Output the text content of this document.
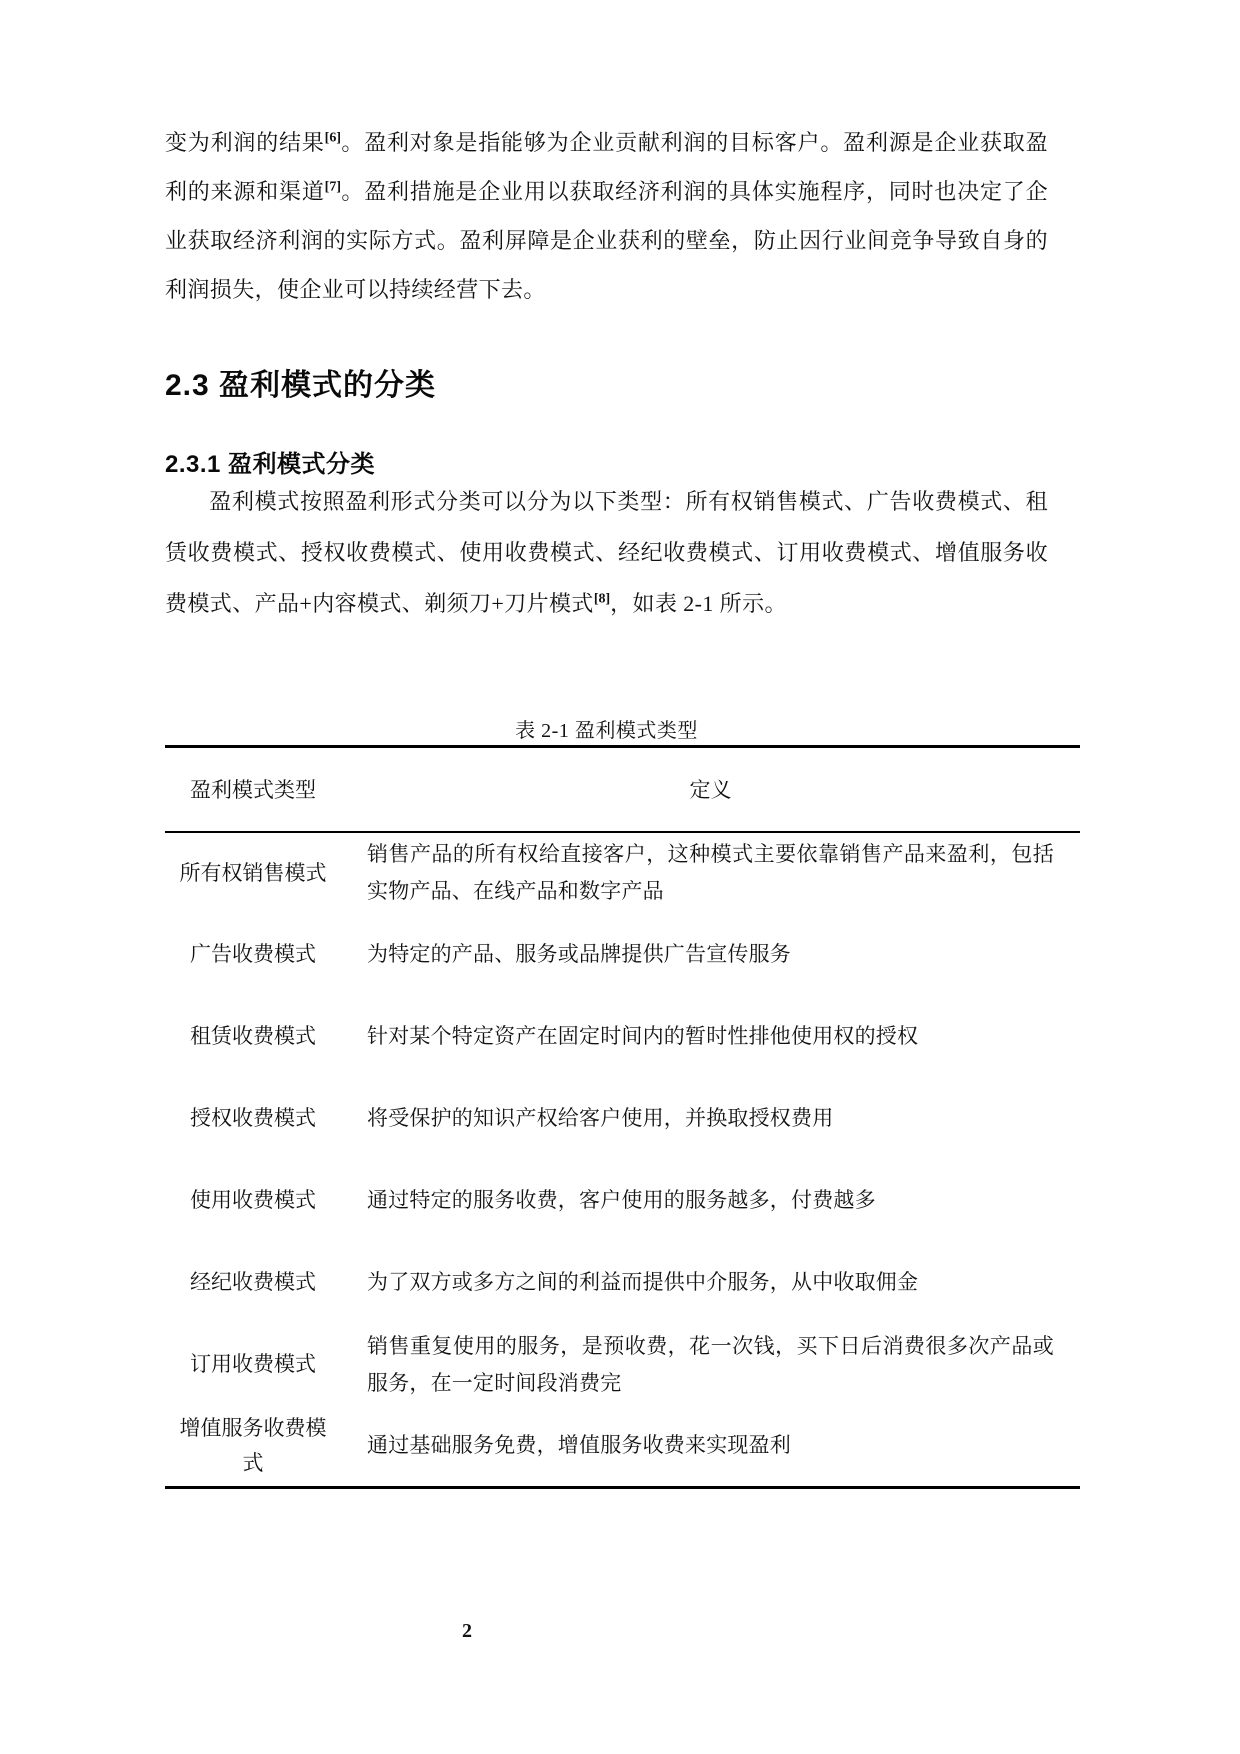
变为利润的结果[6]。盈利对象是指能够为企业贡献利润的目标客户。盈利源是企业获取盈利的来源和渠道[7]。盈利措施是企业用以获取经济利润的具体实施程序，同时也决定了企业获取经济利润的实际方式。盈利屏障是企业获利的壁垒，防止因行业间竞争导致自身的利润损失，使企业可以持续经营下去。

2.3 盈利模式的分类
2.3.1 盈利模式分类

盈利模式按照盈利形式分类可以分为以下类型：所有权销售模式、广告收费模式、租赁收费模式、授权收费模式、使用收费模式、经纪收费模式、订用收费模式、增值服务收费模式、产品+内容模式、剃须刀+刀片模式[8]，如表 2-1 所示。

表 2-1 盈利模式类型
盈利模式类型	定义
所有权销售模式	销售产品的所有权给直接客户，这种模式主要依靠销售产品来盈利，包括实物产品、在线产品和数字产品
广告收费模式	为特定的产品、服务或品牌提供广告宣传服务
租赁收费模式	针对某个特定资产在固定时间内的暂时性排他使用权的授权
授权收费模式	将受保护的知识产权给客户使用，并换取授权费用
使用收费模式	通过特定的服务收费，客户使用的服务越多，付费越多
经纪收费模式	为了双方或多方之间的利益而提供中介服务，从中收取佣金
订用收费模式	销售重复使用的服务，是预收费，花一次钱，买下日后消费很多次产品或服务，在一定时间段消费完
增值服务收费模式	通过基础服务免费，增值服务收费来实现盈利
2
